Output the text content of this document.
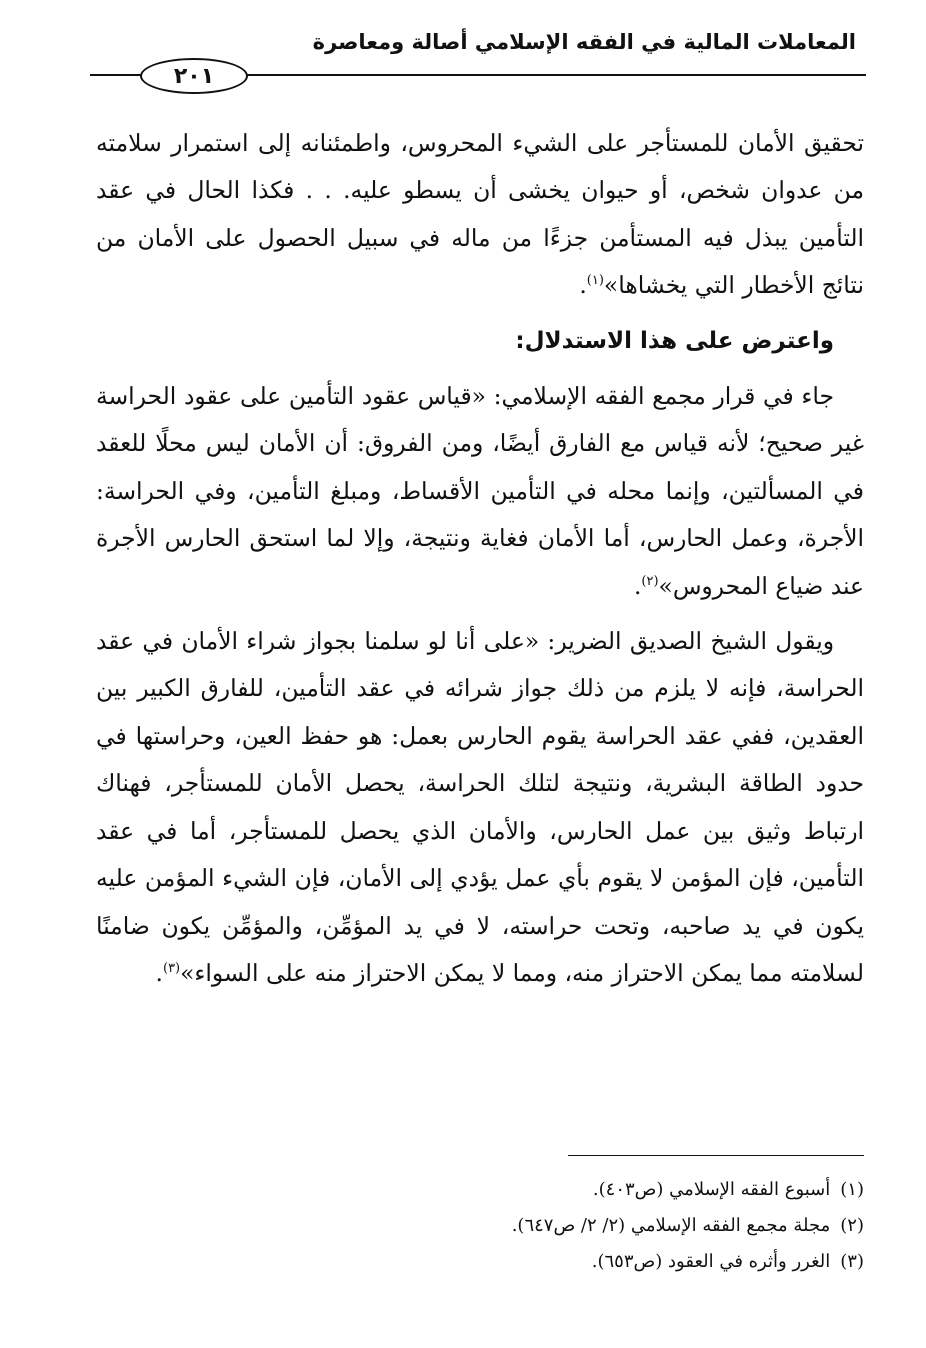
المعاملات المالية في الفقه الإسلامي أصالة ومعاصرة
٢٠١

تحقيق الأمان للمستأجر على الشيء المحروس، واطمئنانه إلى استمرار سلامته من عدوان شخص، أو حيوان يخشى أن يسطو عليه. . . فكذا الحال في عقد التأمين يبذل فيه المستأمن جزءًا من ماله في سبيل الحصول على الأمان من نتائج الأخطار التي يخشاها»$^{(١)}$.

واعترض على هذا الاستدلال:

جاء في قرار مجمع الفقه الإسلامي: «قياس عقود التأمين على عقود الحراسة غير صحيح؛ لأنه قياس مع الفارق أيضًا، ومن الفروق: أن الأمان ليس محلًا للعقد في المسألتين، وإنما محله في التأمين الأقساط، ومبلغ التأمين، وفي الحراسة: الأجرة، وعمل الحارس، أما الأمان فغاية ونتيجة، وإلا لما استحق الحارس الأجرة عند ضياع المحروس»$^{(٢)}$.

ويقول الشيخ الصديق الضرير: «على أنا لو سلمنا بجواز شراء الأمان في عقد الحراسة، فإنه لا يلزم من ذلك جواز شرائه في عقد التأمين، للفارق الكبير بين العقدين، ففي عقد الحراسة يقوم الحارس بعمل: هو حفظ العين، وحراستها في حدود الطاقة البشرية، ونتيجة لتلك الحراسة، يحصل الأمان للمستأجر، فهناك ارتباط وثيق بين عمل الحارس، والأمان الذي يحصل للمستأجر، أما في عقد التأمين، فإن المؤمن لا يقوم بأي عمل يؤدي إلى الأمان، فإن الشيء المؤمن عليه يكون في يد صاحبه، وتحت حراسته، لا في يد المؤمِّن، والمؤمِّن يكون ضامنًا لسلامته مما يمكن الاحتراز منه، ومما لا يمكن الاحتراز منه على السواء»$^{(٣)}$.

(١)أسبوع الفقه الإسلامي (ص٤٠٣).
(٢)مجلة مجمع الفقه الإسلامي (٢/ ٢/ ص٦٤٧).
(٣)الغرر وأثره في العقود (ص٦٥٣).
